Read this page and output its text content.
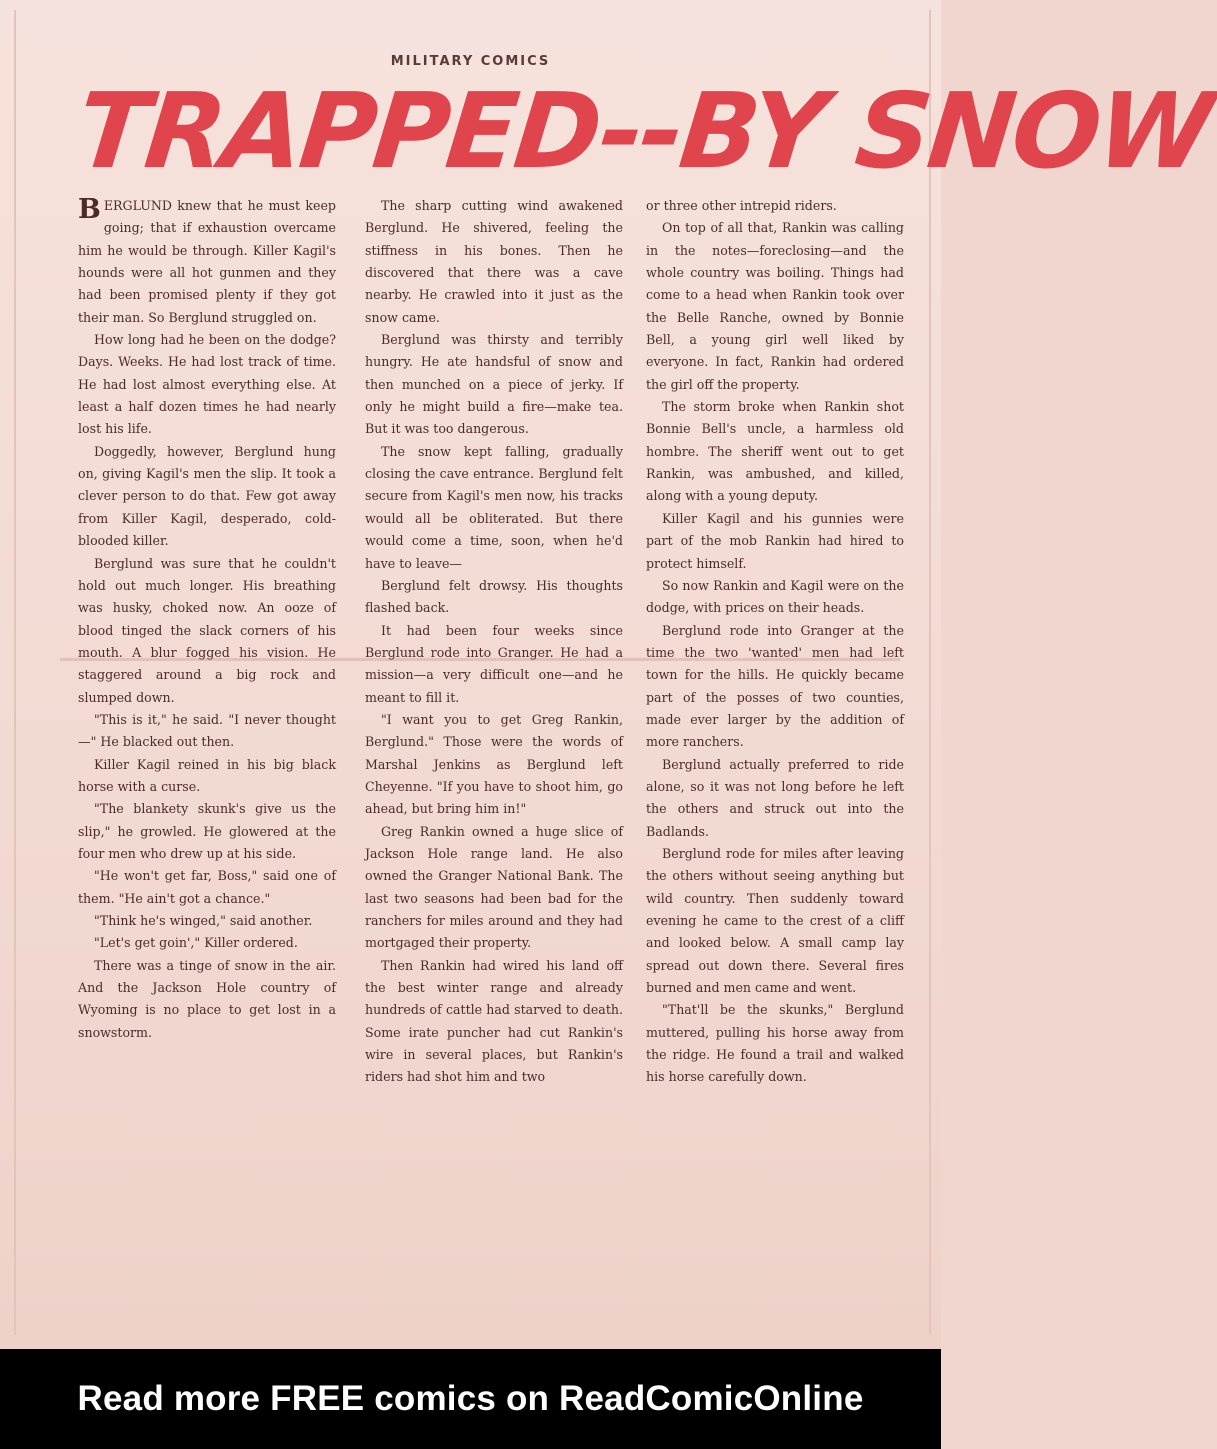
MILITARY COMICS
TRAPPED--BY SNOW

BERGLUND knew that he must keep going; that if exhaustion overcame him he would be through. Killer Kagil's hounds were all hot gunmen and they had been promised plenty if they got their man. So Berglund struggled on.

How long had he been on the dodge? Days. Weeks. He had lost track of time. He had lost almost everything else. At least a half dozen times he had nearly lost his life.

Doggedly, however, Berglund hung on, giving Kagil's men the slip. It took a clever person to do that. Few got away from Killer Kagil, desperado, cold-blooded killer.

Berglund was sure that he couldn't hold out much longer. His breathing was husky, choked now. An ooze of blood tinged the slack corners of his mouth. A blur fogged his vision. He staggered around a big rock and slumped down.

"This is it," he said. "I never thought—" He blacked out then.

Killer Kagil reined in his big black horse with a curse.

"The blankety skunk's give us the slip," he growled. He glowered at the four men who drew up at his side.

"He won't get far, Boss," said one of them. "He ain't got a chance."

"Think he's winged," said another.

"Let's get goin'," Killer ordered.

There was a tinge of snow in the air. And the Jackson Hole country of Wyoming is no place to get lost in a snowstorm.

The sharp cutting wind awakened Berglund. He shivered, feeling the stiffness in his bones. Then he discovered that there was a cave nearby. He crawled into it just as the snow came.

Berglund was thirsty and terribly hungry. He ate handsful of snow and then munched on a piece of jerky. If only he might build a fire—make tea. But it was too dangerous.

The snow kept falling, gradually closing the cave entrance. Berglund felt secure from Kagil's men now, his tracks would all be obliterated. But there would come a time, soon, when he'd have to leave—

Berglund felt drowsy. His thoughts flashed back.

It had been four weeks since Berglund rode into Granger. He had a mission—a very difficult one—and he meant to fill it.

"I want you to get Greg Rankin, Berglund." Those were the words of Marshal Jenkins as Berglund left Cheyenne. "If you have to shoot him, go ahead, but bring him in!"

Greg Rankin owned a huge slice of Jackson Hole range land. He also owned the Granger National Bank. The last two seasons had been bad for the ranchers for miles around and they had mortgaged their property.

Then Rankin had wired his land off the best winter range and already hundreds of cattle had starved to death. Some irate puncher had cut Rankin's wire in several places, but Rankin's riders had shot him and two

or three other intrepid riders.

On top of all that, Rankin was calling in the notes—foreclosing—and the whole country was boiling. Things had come to a head when Rankin took over the Belle Ranche, owned by Bonnie Bell, a young girl well liked by everyone. In fact, Rankin had ordered the girl off the property.

The storm broke when Rankin shot Bonnie Bell's uncle, a harmless old hombre. The sheriff went out to get Rankin, was ambushed, and killed, along with a young deputy.

Killer Kagil and his gunnies were part of the mob Rankin had hired to protect himself.

So now Rankin and Kagil were on the dodge, with prices on their heads.

Berglund rode into Granger at the time the two 'wanted' men had left town for the hills. He quickly became part of the posses of two counties, made ever larger by the addition of more ranchers.

Berglund actually preferred to ride alone, so it was not long before he left the others and struck out into the Badlands.

Berglund rode for miles after leaving the others without seeing anything but wild country. Then suddenly toward evening he came to the crest of a cliff and looked below. A small camp lay spread out down there. Several fires burned and men came and went.

"That'll be the skunks," Berglund muttered, pulling his horse away from the ridge. He found a trail and walked his horse carefully down.

Read more FREE comics on ReadComicOnline
